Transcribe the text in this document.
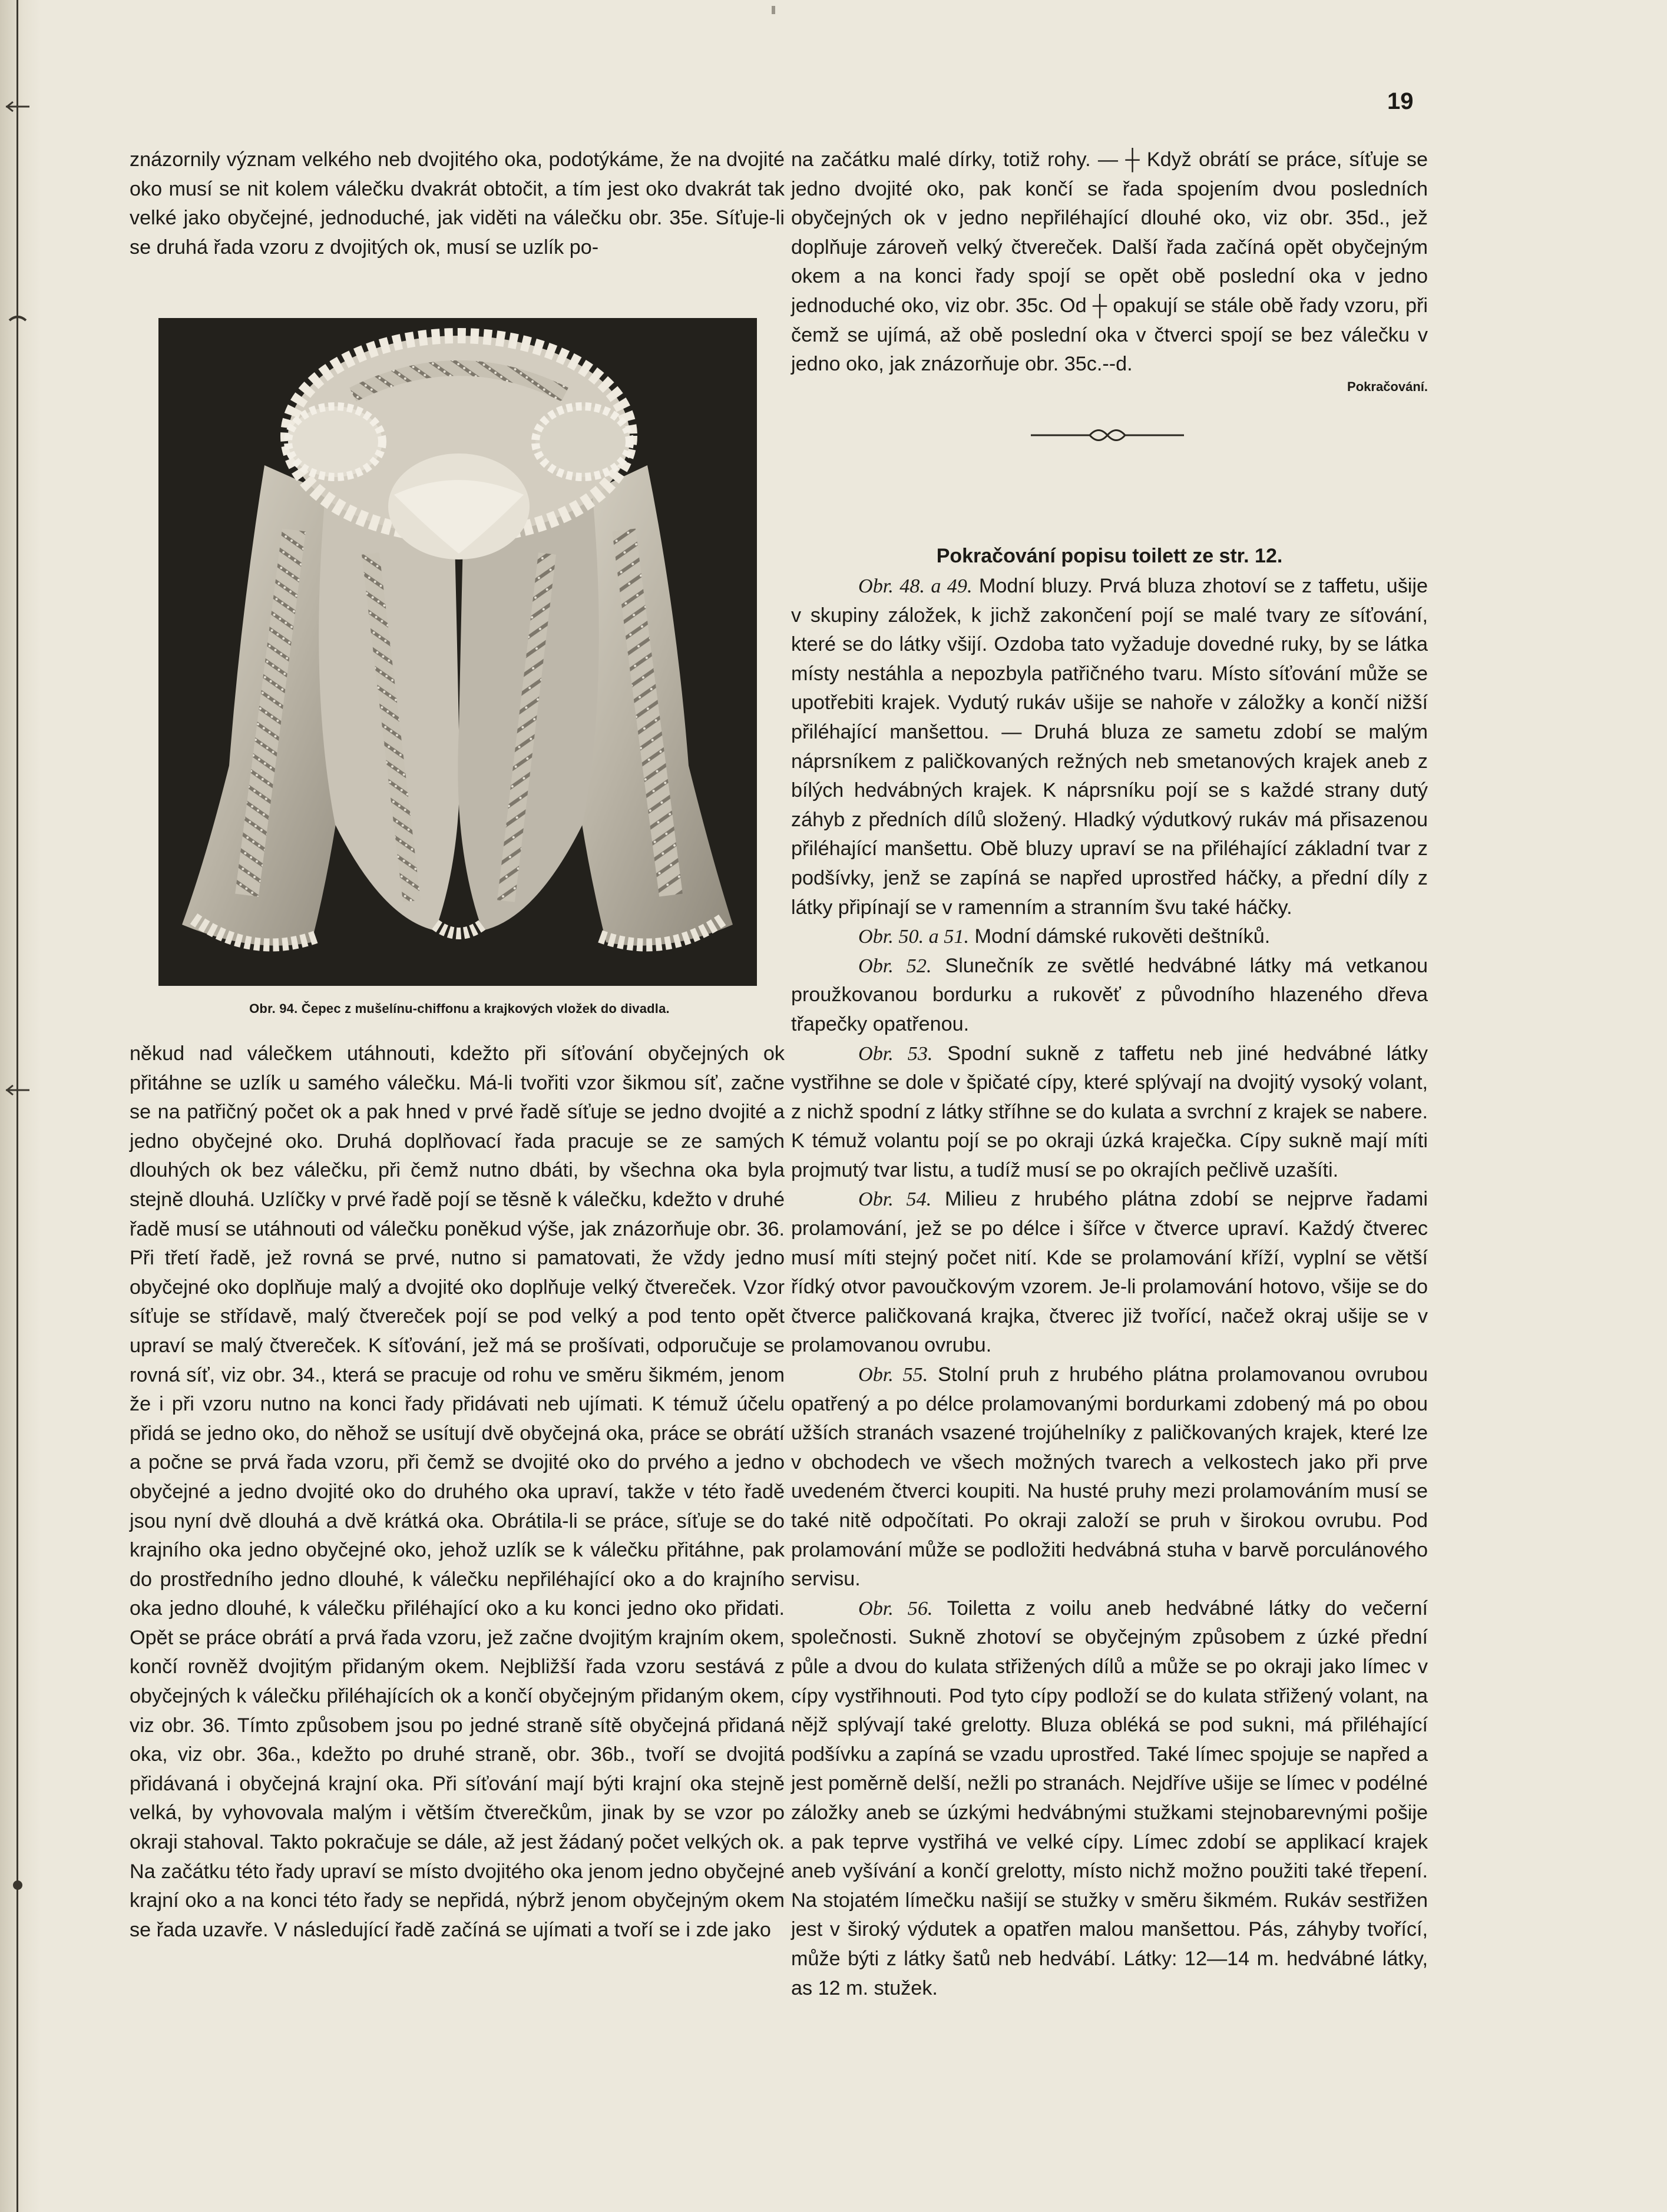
19

znázornily význam velkého neb dvojitého oka, podotýkáme, že na dvojité oko musí se nit kolem válečku dvakrát obtočit, a tím jest oko dvakrát tak velké jako obyčejné, jednoduché, jak viděti na válečku obr. 35e. Síťuje-li se druhá řada vzoru z dvojitých ok, musí se uzlík po-

Obr. 94. Čepec z mušelínu-chiffonu a krajkových vložek do divadla.

někud nad válečkem utáhnouti, kdežto při síťování obyčejných ok přitáhne se uzlík u samého válečku. Má-li tvořiti vzor šikmou síť, začne se na patřičný počet ok a pak hned v prvé řadě síťuje se jedno dvojité a jedno obyčejné oko. Druhá doplňovací řada pracuje se ze samých dlouhých ok bez válečku, při čemž nutno dbáti, by všechna oka byla stejně dlouhá. Uzlíčky v prvé řadě pojí se těsně k válečku, kdežto v druhé řadě musí se utáhnouti od válečku poněkud výše, jak znázorňuje obr. 36. Při třetí řadě, jež rovná se prvé, nutno si pamatovati, že vždy jedno obyčejné oko doplňuje malý a dvojité oko doplňuje velký čtvereček. Vzor síťuje se střídavě, malý čtvereček pojí se pod velký a pod tento opět upraví se malý čtvereček. K síťování, jež má se prošívati, odporučuje se rovná síť, viz obr. 34., která se pracuje od rohu ve směru šikmém, jenom že i při vzoru nutno na konci řady přidávati neb ujímati. K témuž účelu přidá se jedno oko, do něhož se usítují dvě obyčejná oka, práce se obrátí a počne se prvá řada vzoru, při čemž se dvojité oko do prvého a jedno obyčejné a jedno dvojité oko do druhého oka upraví, takže v této řadě jsou nyní dvě dlouhá a dvě krátká oka. Obrátila-li se práce, síťuje se do krajního oka jedno obyčejné oko, jehož uzlík se k válečku přitáhne, pak do prostředního jedno dlouhé, k válečku nepřiléhající oko a do krajního oka jedno dlouhé, k válečku přiléhající oko a ku konci jedno oko přidati. Opět se práce obrátí a prvá řada vzoru, jež začne dvojitým krajním okem, končí rovněž dvojitým přidaným okem. Nejbližší řada vzoru sestává z obyčejných k válečku přiléhajících ok a končí obyčejným přidaným okem, viz obr. 36. Tímto způsobem jsou po jedné straně sítě obyčejná přidaná oka, viz obr. 36a., kdežto po druhé straně, obr. 36b., tvoří se dvojitá přidávaná i obyčejná krajní oka. Při síťování mají býti krajní oka stejně velká, by vyhovovala malým i větším čtverečkům, jinak by se vzor po okraji stahoval. Takto pokračuje se dále, až jest žádaný počet velkých ok. Na začátku této řady upraví se místo dvojitého oka jenom jedno obyčejné krajní oko a na konci této řady se nepřidá, nýbrž jenom obyčejným okem se řada uzavře. V následující řadě začíná se ujímati a tvoří se i zde jako

na začátku malé dírky, totiž rohy. — ┼ Když obrátí se práce, síťuje se jedno dvojité oko, pak končí se řada spojením dvou posledních obyčejných ok v jedno nepřiléhající dlouhé oko, viz obr. 35d., jež doplňuje zároveň velký čtvereček. Další řada začíná opět obyčejným okem a na konci řady spojí se opět obě poslední oka v jedno jednoduché oko, viz obr. 35c. Od ┼ opakují se stále obě řady vzoru, při čemž se ujímá, až obě poslední oka v čtverci spojí se bez válečku v jedno oko, jak znázorňuje obr. 35c.--d.

Pokračování.
Pokračování popisu toilett ze str. 12.

Obr. 48. a 49. Modní bluzy. Prvá bluza zhotoví se z taffetu, ušije v skupiny záložek, k jichž zakončení pojí se malé tvary ze síťování, které se do látky všijí. Ozdoba tato vyžaduje dovedné ruky, by se látka místy nestáhla a nepozbyla patřičného tvaru. Místo síťování může se upotřebiti krajek. Vydutý rukáv ušije se nahoře v záložky a končí nižší přiléhající manšettou. — Druhá bluza ze sametu zdobí se malým náprsníkem z paličkovaných režných neb smetanových krajek aneb z bílých hedvábných krajek. K náprsníku pojí se s každé strany dutý záhyb z předních dílů složený. Hladký výdutkový rukáv má přisazenou přiléhající manšettu. Obě bluzy upraví se na přiléhající základní tvar z podšívky, jenž se zapíná se napřed uprostřed háčky, a přední díly z látky připínají se v ramenním a stranním švu také háčky.

Obr. 50. a 51. Modní dámské rukověti deštníků.

Obr. 52. Slunečník ze světlé hedvábné látky má vetkanou proužkovanou bordurku a rukověť z původního hlazeného dřeva třapečky opatřenou.

Obr. 53. Spodní sukně z taffetu neb jiné hedvábné látky vystřihne se dole v špičaté cípy, které splývají na dvojitý vysoký volant, z nichž spodní z látky stříhne se do kulata a svrchní z krajek se nabere. K témuž volantu pojí se po okraji úzká kraječka. Cípy sukně mají míti projmutý tvar listu, a tudíž musí se po okrajích pečlivě uzašíti.

Obr. 54. Milieu z hrubého plátna zdobí se nejprve řadami prolamování, jež se po délce i šířce v čtverce upraví. Každý čtverec musí míti stejný počet nití. Kde se prolamování kříží, vyplní se větší řídký otvor pavoučkovým vzorem. Je-li prolamování hotovo, všije se do čtverce paličkovaná krajka, čtverec již tvořící, načež okraj ušije se v prolamovanou ovrubu.

Obr. 55. Stolní pruh z hrubého plátna prolamovanou ovrubou opatřený a po délce prolamovanými bordurkami zdobený má po obou užších stranách vsazené trojúhelníky z paličkovaných krajek, které lze v obchodech ve všech možných tvarech a velkostech jako při prve uvedeném čtverci koupiti. Na husté pruhy mezi prolamováním musí se také nitě odpočítati. Po okraji založí se pruh v širokou ovrubu. Pod prolamování může se podložiti hedvábná stuha v barvě porculánového servisu.

Obr. 56. Toiletta z voilu aneb hedvábné látky do večerní společnosti. Sukně zhotoví se obyčejným způsobem z úzké přední půle a dvou do kulata střižených dílů a může se po okraji jako límec v cípy vystřihnouti. Pod tyto cípy podloží se do kulata střižený volant, na nějž splývají také grelotty. Bluza obléká se pod sukni, má přiléhající podšívku a zapíná se vzadu uprostřed. Také límec spojuje se napřed a jest poměrně delší, nežli po stranách. Nejdříve ušije se límec v podélné záložky aneb se úzkými hedvábnými stužkami stejnobarevnými pošije a pak teprve vystřihá ve velké cípy. Límec zdobí se applikací krajek aneb vyšívání a končí grelotty, místo nichž možno použiti také třepení. Na stojatém límečku našijí se stužky v směru šikmém. Rukáv sestřižen jest v široký výdutek a opatřen malou manšettou. Pás, záhyby tvořící, může býti z látky šatů neb hedvábí. Látky: 12—14 m. hedvábné látky, as 12 m. stužek.
